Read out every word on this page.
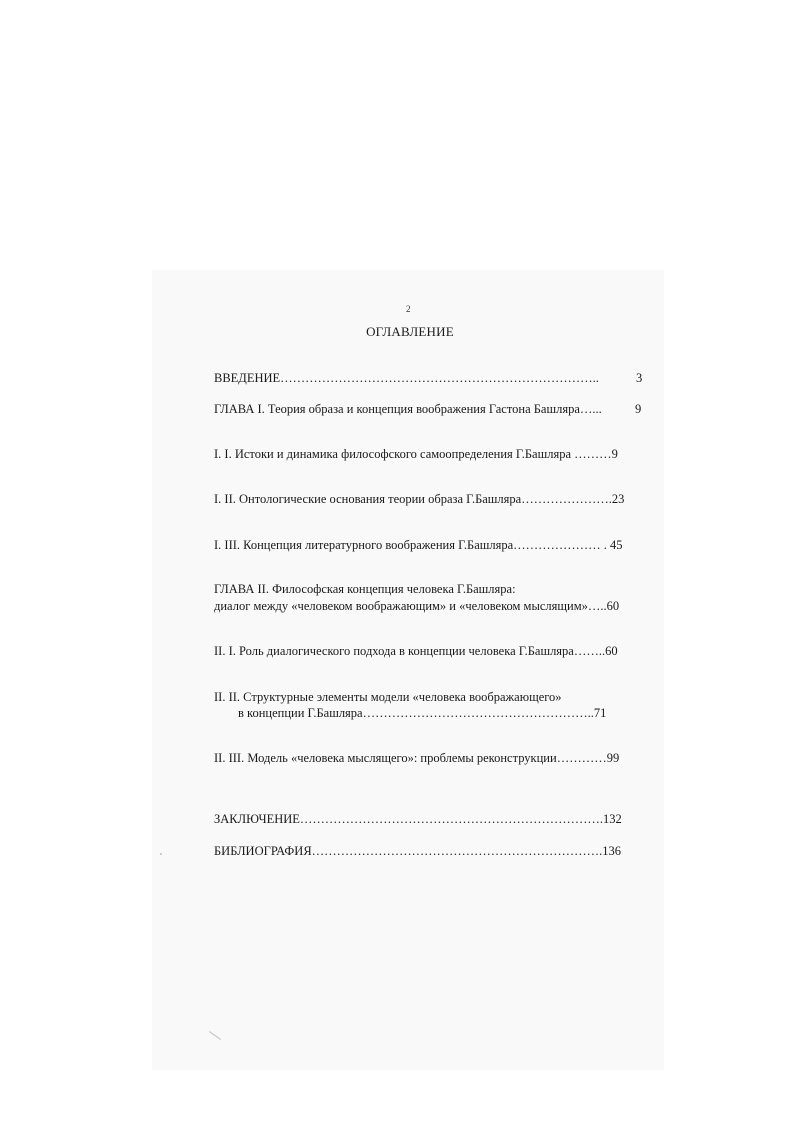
2
ОГЛАВЛЕНИЕ
ВВЕДЕНИЕ…………………………………………………………………..	3
ГЛАВА I. Теория образа и концепция воображения Гастона Башляра…...	9
I. I. Истоки и динамика философского самоопределения Г.Башляра ………9
I. II. Онтологические основания теории образа Г.Башляра………………….23
I. III. Концепция литературного воображения Г.Башляра………………… . 45
ГЛАВА II. Философская концепция человека Г.Башляра:
диалог между «человеком воображающим» и «человеком мыслящим»…..60
II. I. Роль диалогического подхода в концепции человека Г.Башляра……..60
II. II. Структурные элементы модели «человека воображающего»
в концепции Г.Башляра………………………………………………..71
II. III. Модель «человека мыслящего»: проблемы реконструкции…………99
ЗАКЛЮЧЕНИЕ……………………………………………………………….132
БИБЛИОГРАФИЯ…………………………………………………………….136
